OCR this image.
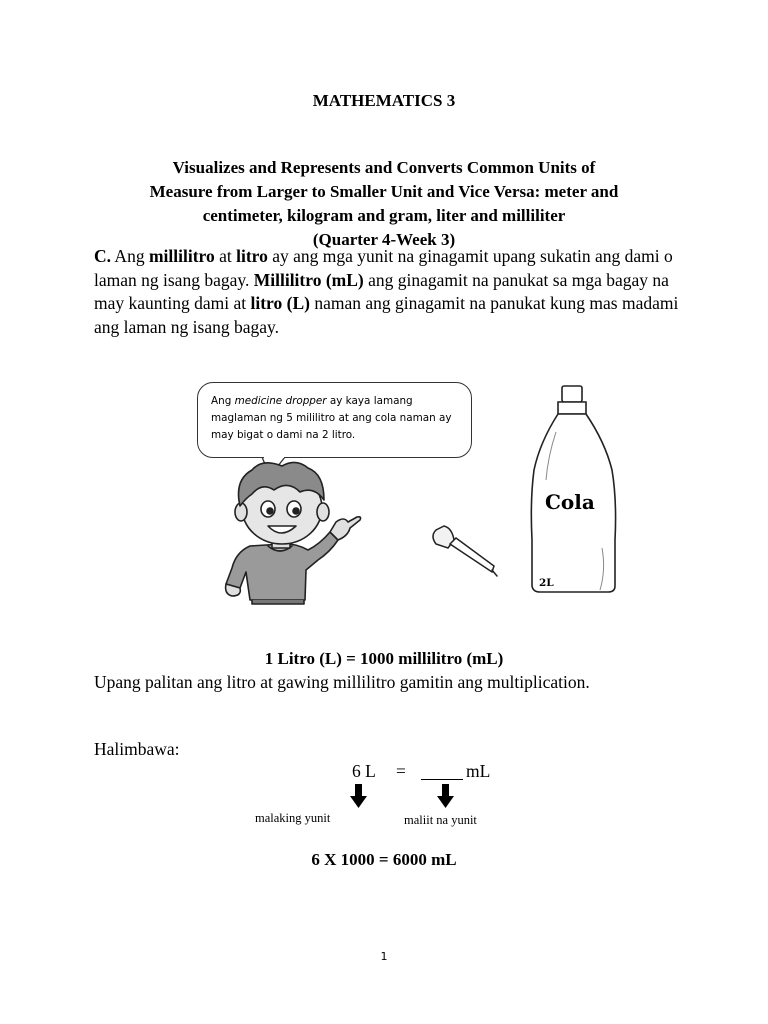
MATHEMATICS 3
Visualizes and Represents and Converts Common Units of
Measure from Larger to Smaller Unit and Vice Versa: meter and
centimeter, kilogram and gram, liter and milliliter
(Quarter 4-Week 3)
C. Ang millilitro at litro ay ang mga yunit na ginagamit upang sukatin ang dami o laman ng isang bagay. Millilitro (mL) ang ginagamit na panukat sa mga bagay na may kaunting dami at litro (L) naman ang ginagamit na panukat kung mas madami ang laman ng isang bagay.
Ang medicine dropper ay kaya lamang maglaman ng 5 mililitro at ang cola naman ay may bigat o dami na 2 litro.
Cola
2L
1 Litro (L) = 1000 millilitro (mL)
Upang palitan ang litro at gawing millilitro gamitin ang multiplication.
Halimbawa:
6 L =	mL
malaking yunit	maliit na yunit
6 X 1000 = 6000 mL
1
